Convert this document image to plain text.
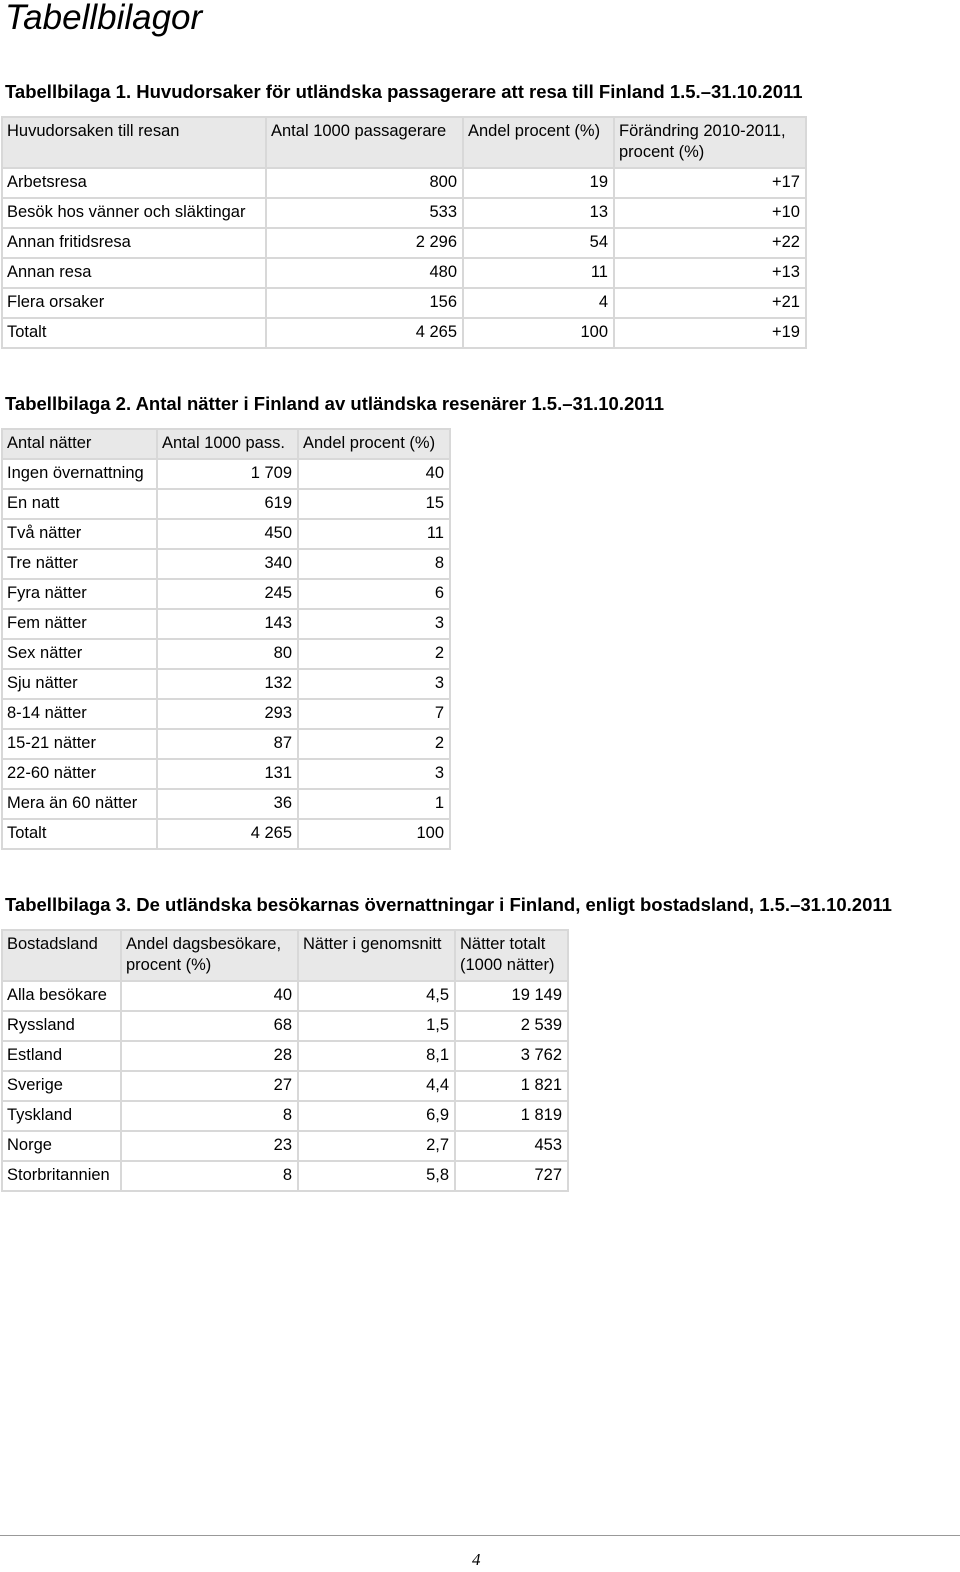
Tabellbilagor
Tabellbilaga 1. Huvudorsaker för utländska passagerare att resa till Finland 1.5.–31.10.2011
Huvudorsaken till resan	Antal 1000 passagerare	Andel procent (%)	Förändring 2010-2011, procent (%)
Arbetsresa	800	19	+17
Besök hos vänner och släktingar	533	13	+10
Annan fritidsresa	2 296	54	+22
Annan resa	480	11	+13
Flera orsaker	156	4	+21
Totalt	4 265	100	+19
Tabellbilaga 2. Antal nätter i Finland av utländska resenärer 1.5.–31.10.2011
Antal nätter	Antal 1000 pass.	Andel procent (%)
Ingen övernattning	1 709	40
En natt	619	15
Två nätter	450	11
Tre nätter	340	8
Fyra nätter	245	6
Fem nätter	143	3
Sex nätter	80	2
Sju nätter	132	3
8-14 nätter	293	7
15-21 nätter	87	2
22-60 nätter	131	3
Mera än 60 nätter	36	1
Totalt	4 265	100
Tabellbilaga 3. De utländska besökarnas övernattningar i Finland, enligt bostadsland, 1.5.–31.10.2011
Bostadsland	Andel dagsbesökare, procent (%)	Nätter i genomsnitt	Nätter totalt (1000 nätter)
Alla besökare	40	4,5	19 149
Ryssland	68	1,5	2 539
Estland	28	8,1	3 762
Sverige	27	4,4	1 821
Tyskland	8	6,9	1 819
Norge	23	2,7	453
Storbritannien	8	5,8	727
4
